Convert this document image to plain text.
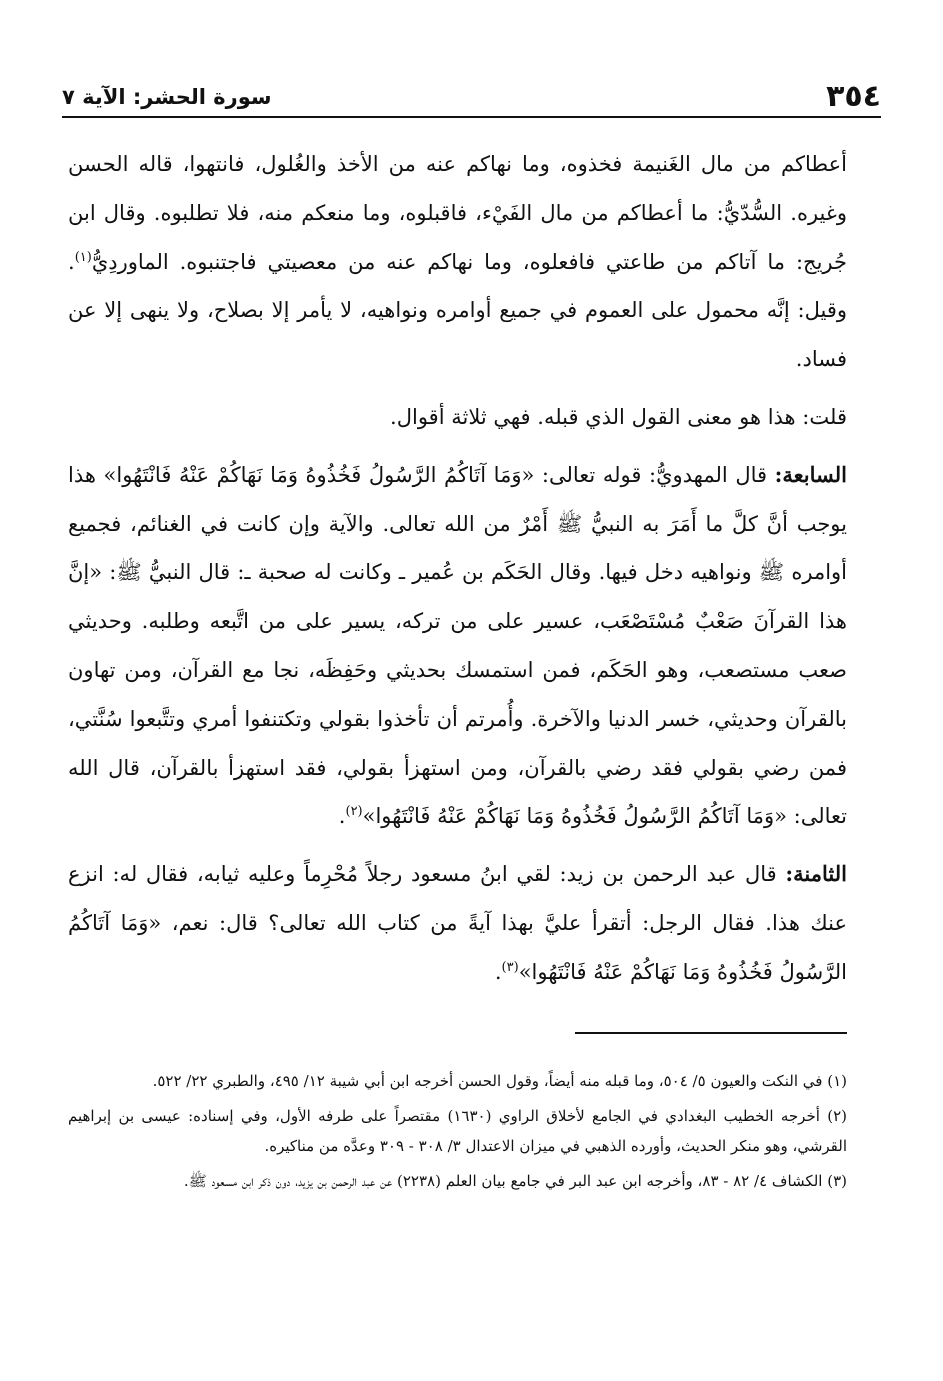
٣٥٤
سورة الحشر: الآية ٧

أعطاكم من مال الغَنيمة فخذوه، وما نهاكم عنه من الأخذ والغُلول، فانتهوا، قاله الحسن وغيره. السُّدّيُّ: ما أعطاكم من مال الفَيْء، فاقبلوه، وما منعكم منه، فلا تطلبوه. وقال ابن جُريج: ما آتاكم من طاعتي فافعلوه، وما نهاكم عنه من معصيتي فاجتنبوه. الماوردِيُّ$^{(١)}$. وقيل: إنَّه محمول على العموم في جميع أوامره ونواهيه، لا يأمر إلا بصلاح، ولا ينهى إلا عن فساد.

قلت: هذا هو معنى القول الذي قبله. فهي ثلاثة أقوال.

السابعة: قال المهدويُّ: قوله تعالى: «وَمَا آتَاكُمُ الرَّسُولُ فَخُذُوهُ وَمَا نَهَاكُمْ عَنْهُ فَانْتَهُوا» هذا يوجب أنَّ كلَّ ما أَمَرَ به النبيُّ ﷺ أَمْرٌ من الله تعالى. والآية وإن كانت في الغنائم، فجميع أوامره ﷺ ونواهيه دخل فيها. وقال الحَكَم بن عُمير ـ وكانت له صحبة ـ: قال النبيُّ ﷺ: «إنَّ هذا القرآنَ صَعْبٌ مُسْتَصْعَب، عسير على من تركه، يسير على من اتَّبعه وطلبه. وحديثي صعب مستصعب، وهو الحَكَم، فمن استمسك بحديثي وحَفِظَه، نجا مع القرآن، ومن تهاون بالقرآن وحديثي، خسر الدنيا والآخرة. وأُمرتم أن تأخذوا بقولي وتكتنفوا أمري وتتَّبعوا سُنَّتي، فمن رضي بقولي فقد رضي بالقرآن، ومن استهزأ بقولي، فقد استهزأ بالقرآن، قال الله تعالى: «وَمَا آتَاكُمُ الرَّسُولُ فَخُذُوهُ وَمَا نَهَاكُمْ عَنْهُ فَانْتَهُوا»$^{(٢)}$.

الثامنة: قال عبد الرحمن بن زيد: لقي ابنُ مسعود رجلاً مُحْرِماً وعليه ثيابه، فقال له: انزع عنك هذا. فقال الرجل: أتقرأ عليَّ بهذا آيةً من كتاب الله تعالى؟ قال: نعم، «وَمَا آتَاكُمُ الرَّسُولُ فَخُذُوهُ وَمَا نَهَاكُمْ عَنْهُ فَانْتَهُوا»$^{(٣)}$.

(١) في النكت والعيون ٥/ ٥٠٤، وما قبله منه أيضاً، وقول الحسن أخرجه ابن أبي شيبة ١٢/ ٤٩٥، والطبري ٢٢/ ٥٢٢.

(٢) أخرجه الخطيب البغدادي في الجامع لأخلاق الراوي (١٦٣٠) مقتصراً على طرفه الأول، وفي إسناده: عيسى بن إبراهيم القرشي، وهو منكر الحديث، وأورده الذهبي في ميزان الاعتدال ٣/ ٣٠٨ - ٣٠٩ وعدَّه من مناكيره.

(٣) الكشاف ٤/ ٨٢ - ٨٣، وأخرجه ابن عبد البر في جامع بيان العلم (٢٢٣٨) عن عبد الرحمن بن يزيد، دون ذكر ابن مسعود ﷺ.
